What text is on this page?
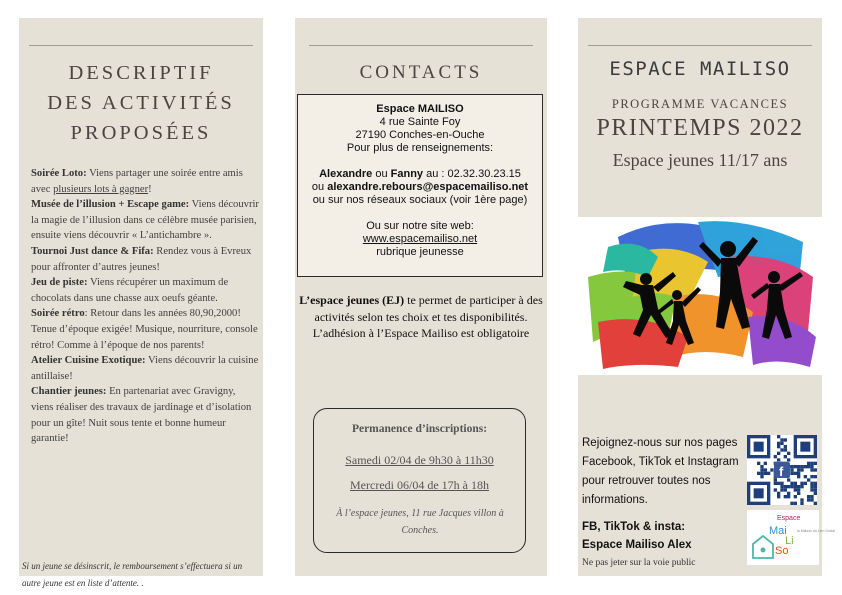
DESCRIPTIF
DES ACTIVITÉS
PROPOSÉES

Soirée Loto: Viens partager une soirée entre amis avec plusieurs lots à gagner!

Musée de l’illusion + Escape game: Viens découvrir la magie de l’illusion dans ce célèbre musée parisien, ensuite viens découvrir « L’antichambre ».

Tournoi Just dance & Fifa: Rendez vous à Evreux pour affronter d’autres jeunes!

Jeu de piste: Viens récupérer un maximum de chocolats dans une chasse aux oeufs géante.

Soirée rétro: Retour dans les années 80,90,2000! Tenue d’époque exigée! Musique, nourriture, console rétro! Comme à l’époque de nos parents!

Atelier Cuisine Exotique: Viens découvrir la cuisine antillaise!

Chantier jeunes: En partenariat avec Gravigny, viens réaliser des travaux de jardinage et d’isolation pour un gîte! Nuit sous tente et bonne humeur garantie!

Si un jeune se désinscrit, le remboursement s’effectuera si un autre jeune est en liste d’attente. .
CONTACTS
Espace MAILISO
4 rue Sainte Foy
27190 Conches-en-Ouche
Pour plus de renseignements:
Alexandre ou Fanny au : 02.32.30.23.15
ou alexandre.rebours@espacemailiso.net
ou sur nos réseaux sociaux (voir 1ère page)
Ou sur notre site web:
www.espacemailiso.net
rubrique jeunesse
L’espace jeunes (EJ) te permet de participer à des activités selon tes choix et tes disponibilités.
L’adhésion à l’Espace Mailiso est obligatoire
Permanence d’inscriptions:
Samedi 02/04 de 9h30 à 11h30
Mercredi 06/04 de 17h à 18h
À l’espace jeunes, 11 rue Jacques villon à Conches.
ESPACE MAILISO
PROGRAMME VACANCES
PRINTEMPS 2022
Espace jeunes 11/17 ans
Rejoignez-nous sur nos pages Facebook, TikTok et Instagram pour retrouver toutes nos informations.
FB, TikTok & insta:
Espace Mailiso Alex
Ne pas jeter sur la voie public
f
Espace
Mai
Li
So
la Maison du Lien Social
